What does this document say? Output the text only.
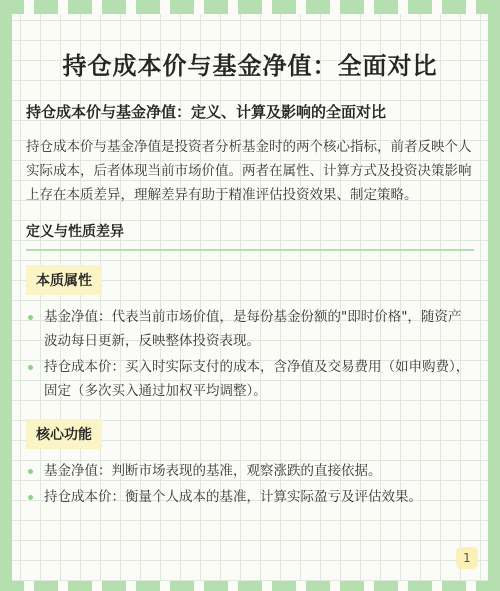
持仓成本价与基金净值：全面对比
持仓成本价与基金净值：定义、计算及影响的全面对比
持仓成本价与基金净值是投资者分析基金时的两个核心指标，前者反映个人实际成本，后者体现当前市场价值。两者在属性、计算方式及投资决策影响上存在本质差异，理解差异有助于精准评估投资效果、制定策略。
定义与性质差异
本质属性
基金净值：代表当前市场价值，是每份基金份额的"即时价格"，随资产波动每日更新，反映整体投资表现。
持仓成本价：买入时实际支付的成本，含净值及交易费用（如申购费），固定（多次买入通过加权平均调整）。
核心功能
基金净值：判断市场表现的基准，观察涨跌的直接依据。
持仓成本价：衡量个人成本的基准，计算实际盈亏及评估效果。
1
